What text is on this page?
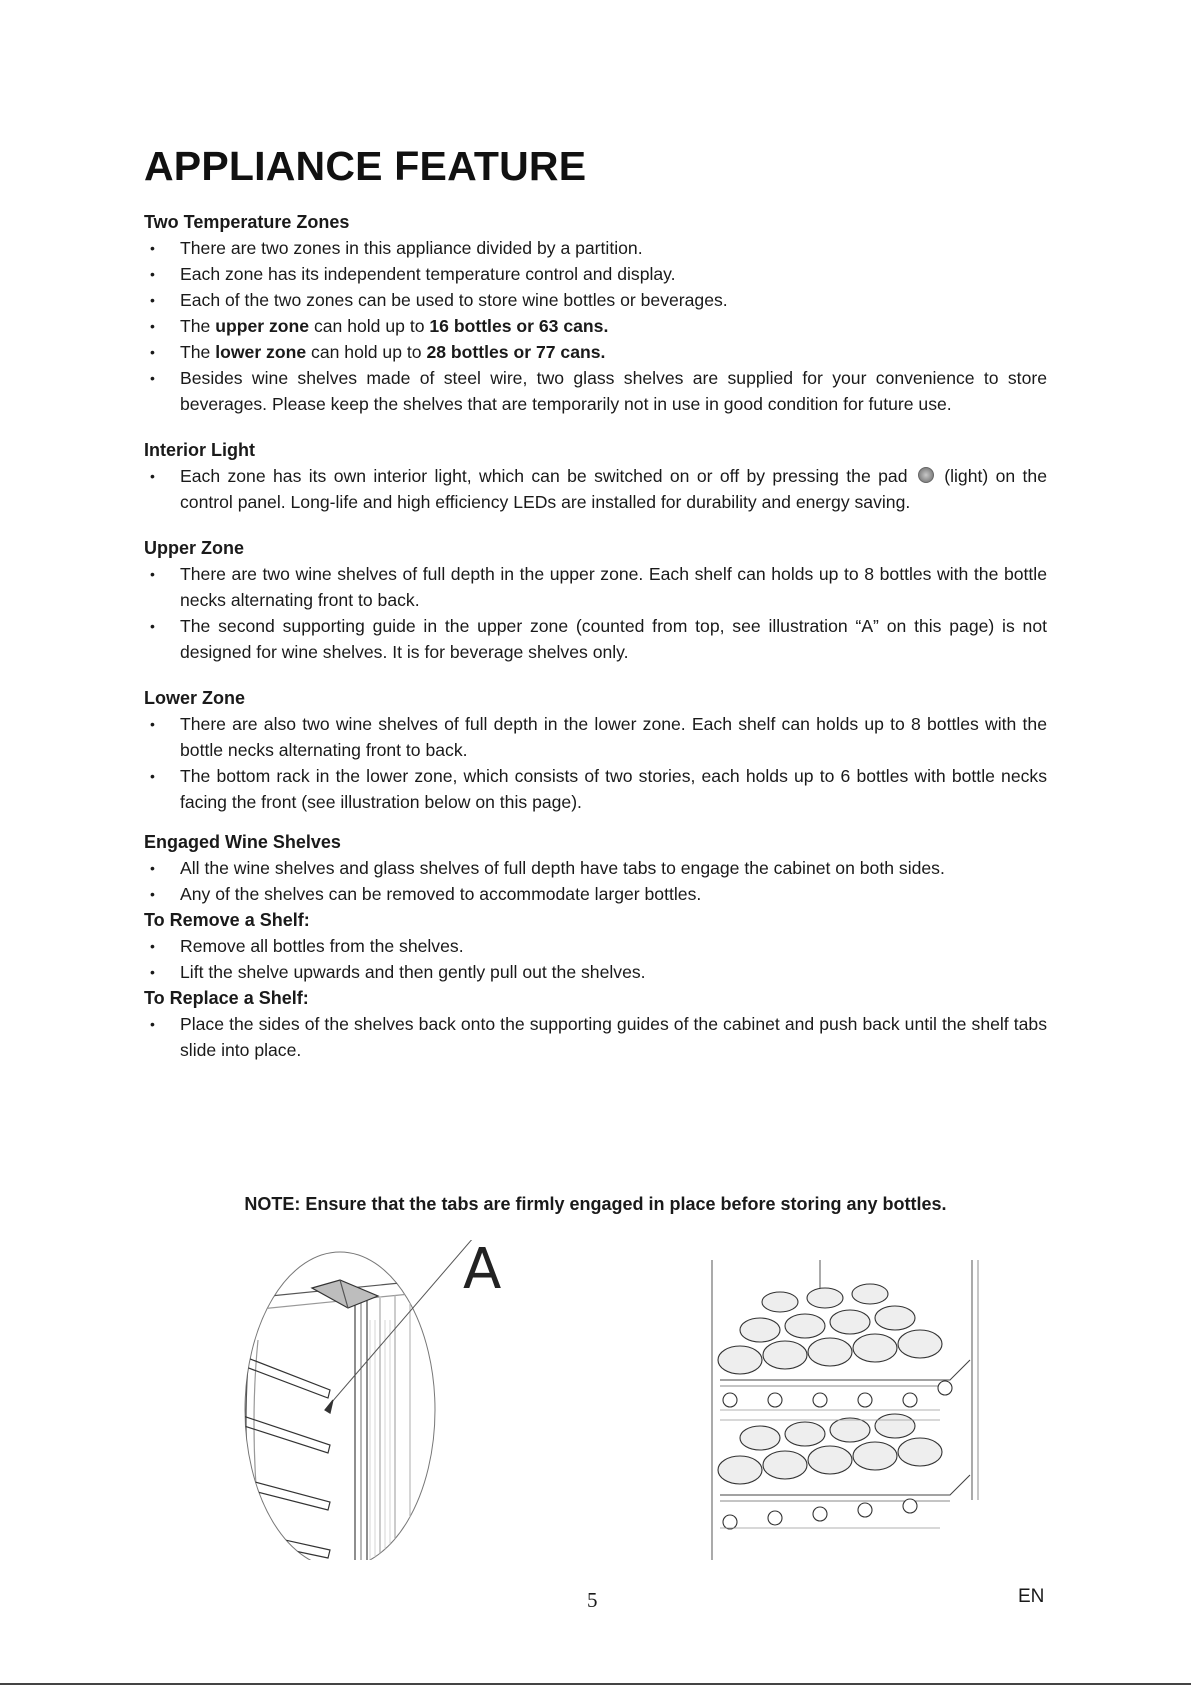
APPLIANCE FEATURE

Two Temperature Zones

• There are two zones in this appliance divided by a partition.
• Each zone has its independent temperature control and display.
• Each of the two zones can be used to store wine bottles or beverages.
• The upper zone can hold up to 16 bottles or 63 cans.
• The lower zone can hold up to 28 bottles or 77 cans.
• Besides wine shelves made of steel wire, two glass shelves are supplied for your convenience to store beverages. Please keep the shelves that are temporarily not in use in good condition for future use.

Interior Light

• Each zone has its own interior light, which can be switched on or off by pressing the pad  (light) on the control panel. Long-life and high efficiency LEDs are installed for durability and energy saving.

Upper Zone

• There are two wine shelves of full depth in the upper zone. Each shelf can holds up to 8 bottles with the bottle necks alternating front to back.
• The second supporting guide in the upper zone (counted from top, see illustration “A” on this page) is not designed for wine shelves. It is for beverage shelves only.

Lower Zone

• There are also two wine shelves of full depth in the lower zone. Each shelf can holds up to 8 bottles with the bottle necks alternating front to back.
• The bottom rack in the lower zone, which consists of two stories, each holds up to 6 bottles with bottle necks facing the front (see illustration below on this page).

Engaged Wine Shelves

• All the wine shelves and glass shelves of full depth have tabs to engage the cabinet on both sides.
• Any of the shelves can be removed to accommodate larger bottles.

To Remove a Shelf:

• Remove all bottles from the shelves.
• Lift the shelve upwards and then gently pull out the shelves.

To Replace a Shelf:

• Place the sides of the shelves back onto the supporting guides of the cabinet and push back until the shelf tabs slide into place.

NOTE: Ensure that the tabs are firmly engaged in place before storing any bottles.

A

5	EN
